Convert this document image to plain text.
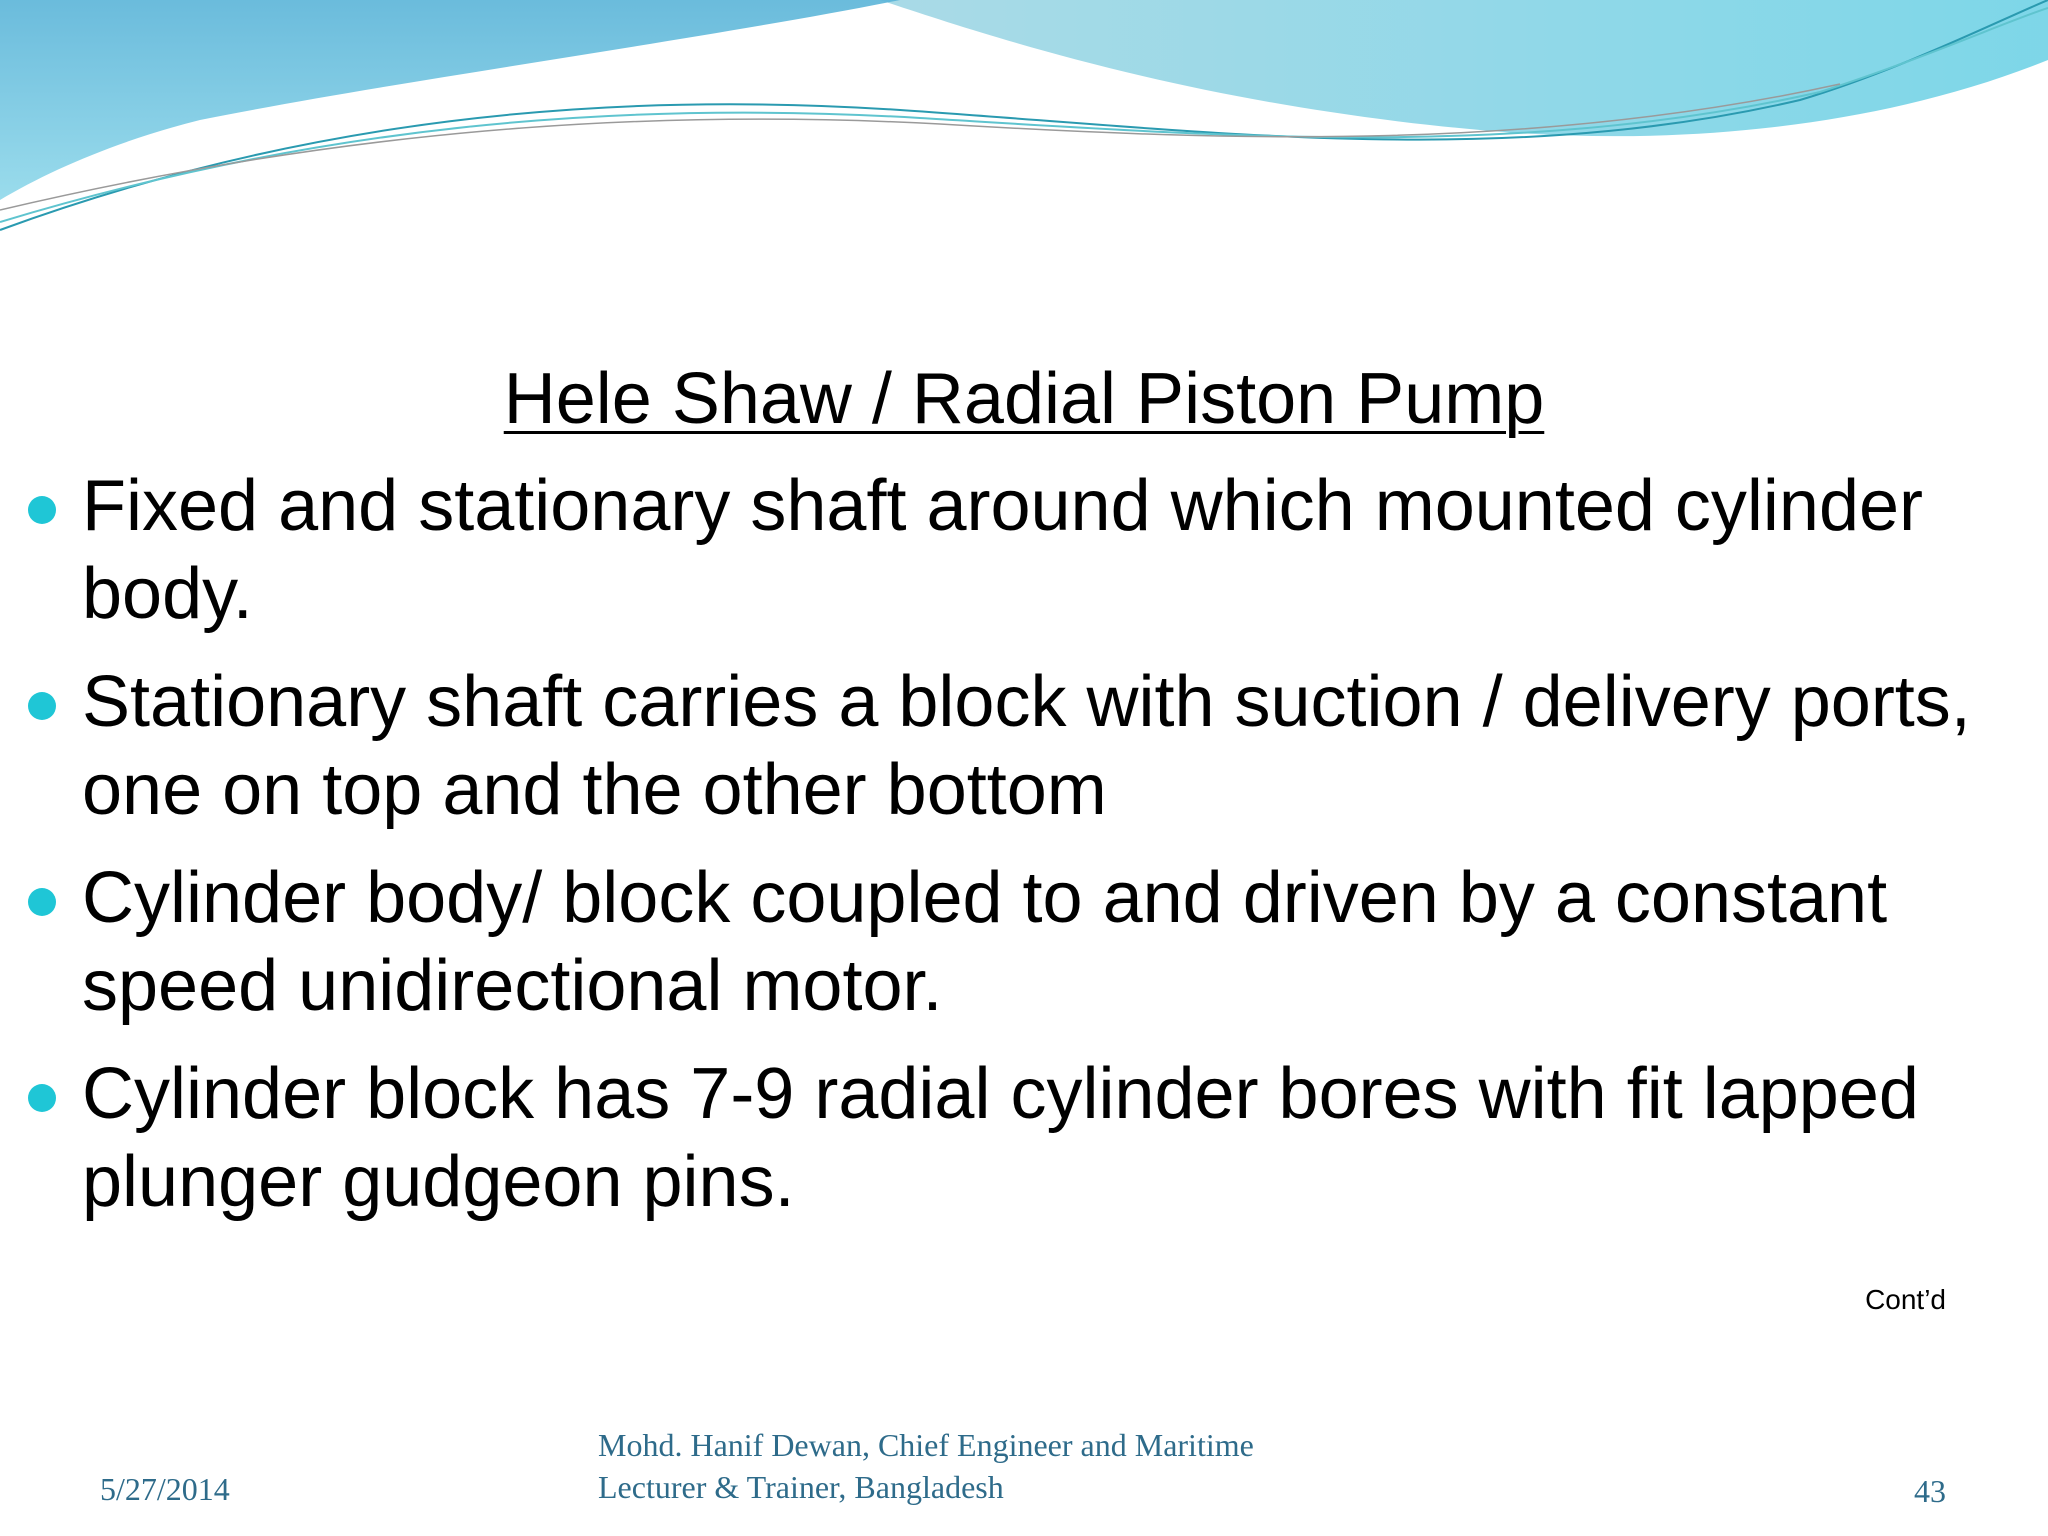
Hele Shaw / Radial Piston Pump
Fixed and stationary shaft around which mounted cylinder body.
Stationary shaft carries a block with suction / delivery ports, one on top and the other bottom
Cylinder body/ block coupled to and driven by a constant speed unidirectional motor.
Cylinder block has 7-9 radial cylinder bores with fit lapped plunger gudgeon pins.
Cont’d
5/27/2014
Mohd. Hanif Dewan, Chief Engineer and Maritime
Lecturer & Trainer, Bangladesh	43
